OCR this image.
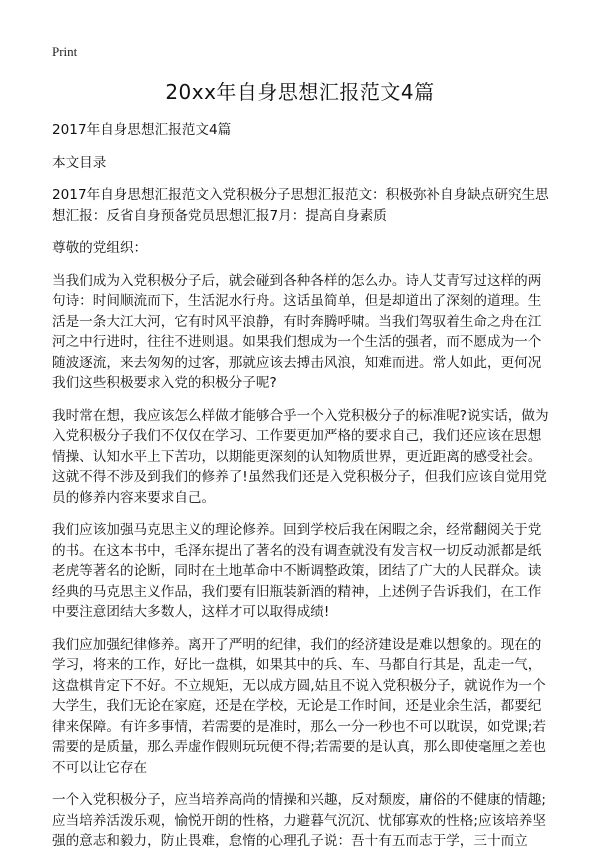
Print
20xx年自身思想汇报范文4篇

2017年自身思想汇报范文4篇

本文目录

2017年自身思想汇报范文入党积极分子思想汇报范文：积极弥补自身缺点研究生思想汇报：反省自身预备党员思想汇报7月：提高自身素质

尊敬的党组织：

当我们成为入党积极分子后，就会碰到各种各样的怎么办。诗人艾青写过这样的两句诗：时间顺流而下，生活泥水行舟。这话虽简单，但是却道出了深刻的道理。生活是一条大江大河，它有时风平浪静，有时奔腾呼啸。当我们驾驭着生命之舟在江河之中行进时，往往不进则退。如果我们想成为一个生活的强者，而不愿成为一个随波逐流，来去匆匆的过客，那就应该去搏击风浪，知难而进。常人如此，更何况我们这些积极要求入党的积极分子呢?

我时常在想，我应该怎么样做才能够合乎一个入党积极分子的标准呢?说实话，做为入党积极分子我们不仅仅在学习、工作要更加严格的要求自己，我们还应该在思想情操、认知水平上下苦功，以期能更深刻的认知物质世界，更近距离的感受社会。这就不得不涉及到我们的修养了!虽然我们还是入党积极分子，但我们应该自觉用党员的修养内容来要求自己。

我们应该加强马克思主义的理论修养。回到学校后我在闲暇之余，经常翻阅关于党的书。在这本书中，毛泽东提出了著名的没有调查就没有发言权一切反动派都是纸老虎等著名的论断，同时在土地革命中不断调整政策，团结了广大的人民群众。读经典的马克思主义作品，我们要有旧瓶装新酒的精神，上述例子告诉我们，在工作中要注意团结大多数人，这样才可以取得成绩!

我们应加强纪律修养。离开了严明的纪律，我们的经济建设是难以想象的。现在的学习，将来的工作，好比一盘棋，如果其中的兵、车、马都自行其是，乱走一气，这盘棋肯定下不好。不立规矩，无以成方圆,姑且不说入党积极分子，就说作为一个大学生，我们无论在家庭，还是在学校，无论是工作时间，还是业余生活，都要纪律来保障。有许多事情，若需要的是准时，那么一分一秒也不可以耽误，如党课;若需要的是质量，那么弄虚作假则玩玩便不得;若需要的是认真，那么即使毫厘之差也不可以让它存在

一个入党积极分子，应当培养高尚的情操和兴趣，反对颓废，庸俗的不健康的情趣;应当培养活泼乐观，愉悦开朗的性格，力避暮气沉沉、忧郁寡欢的性格;应该培养坚强的意志和毅力，防止畏难，怠惰的心理孔子说：吾十有五而志于学，三十而立
